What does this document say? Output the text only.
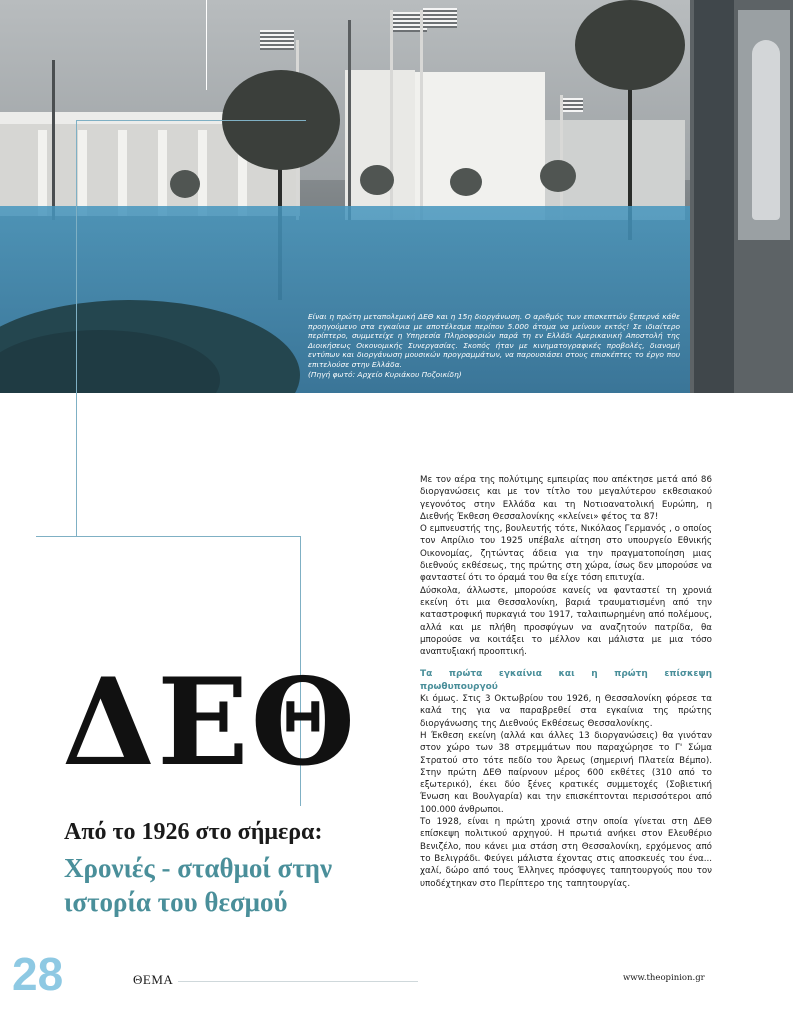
Είναι η πρώτη μεταπολεμική ΔΕΘ και η 15η διοργάνωση. Ο αριθμός των επισκεπτών ξεπερνά κάθε προηγούμενο στα εγκαίνια με αποτέλεσμα περίπου 5.000 άτομα να μείνουν εκτός! Σε ιδιαίτερο περίπτερο, συμμετείχε η Υπηρεσία Πληροφοριών παρά τη εν Ελλάδι Αμερικανική Αποστολή της Διοικήσεως Οικονομικής Συνεργασίας. Σκοπός ήταν με κινηματογραφικές προβολές, διανομή εντύπων και διοργάνωση μουσικών προγραμμάτων, να παρουσιάσει στους επισκέπτες το έργο που επιτελούσε στην Ελλάδα.
(Πηγή φωτό: Αρχείο Κυριάκου Ποζοικίδη)
ΔΕΘ
Από το 1926 στο σήμερα:
Χρονιές - σταθμοί στην ιστορία του θεσμού

Με τον αέρα της πολύτιμης εμπειρίας που απέκτησε μετά από 86 διοργανώσεις και με τον τίτλο του μεγαλύτερου εκθεσιακού γεγονότος στην Ελλάδα και τη Νοτιοανατολική Ευρώπη, η Διεθνής Έκθεση Θεσσαλονίκης «κλείνει» φέτος τα 87!

Ο εμπνευστής της, βουλευτής τότε, Νικόλαος Γερμανός , ο οποίος τον Απρίλιο του 1925 υπέβαλε αίτηση στο υπουργείο Εθνικής Οικονομίας, ζητώντας άδεια για την πραγματοποίηση μιας διεθνούς εκθέσεως, της πρώτης στη χώρα, ίσως δεν μπορούσε να φανταστεί ότι το όραμά του θα είχε τόση επιτυχία.

Δύσκολα, άλλωστε, μπορούσε κανείς να φανταστεί τη χρονιά εκείνη ότι μια Θεσσαλονίκη, βαριά τραυματισμένη από την καταστροφική πυρκαγιά του 1917, ταλαιπωρημένη από πολέμους, αλλά και με πλήθη προσφύγων να αναζητούν πατρίδα, θα μπορούσε να κοιτάξει το μέλλον και μάλιστα με μια τόσο αναπτυξιακή προοπτική.

Τα πρώτα εγκαίνια και η πρώτη επίσκεψη πρωθυπουργού

Κι όμως. Στις 3 Οκτωβρίου του 1926, η Θεσσαλονίκη φόρεσε τα καλά της για να παραβρεθεί στα εγκαίνια της πρώτης διοργάνωσης της Διεθνούς Εκθέσεως Θεσσαλονίκης.

Η Έκθεση εκείνη (αλλά και άλλες 13 διοργανώσεις) θα γινόταν στον χώρο των 38 στρεμμάτων που παραχώρησε το Γ' Σώμα Στρατού στο τότε πεδίο του Άρεως (σημερινή Πλατεία Βέμπο). Στην πρώτη ΔΕΘ παίρνουν μέρος 600 εκθέτες (310 από το εξωτερικό), έκει δύο ξένες κρατικές συμμετοχές (Σοβιετική Ένωση και Βουλγαρία) και την επισκέπτονται περισσότεροι από 100.000 άνθρωποι.

Το 1928, είναι η πρώτη χρονιά στην οποία γίνεται στη ΔΕΘ επίσκεψη πολιτικού αρχηγού. Η πρωτιά ανήκει στον Ελευθέριο Βενιζέλο, που κάνει μια στάση στη Θεσσαλονίκη, ερχόμενος από το Βελιγράδι. Φεύγει μάλιστα έχοντας στις αποσκευές του ένα... χαλί, δώρο από τους Έλληνες πρόσφυγες ταπητουργούς που τον υποδέχτηκαν στο Περίπτερο της ταπητουργίας.

28	ΘΕΜΑ	www.theopinion.gr
